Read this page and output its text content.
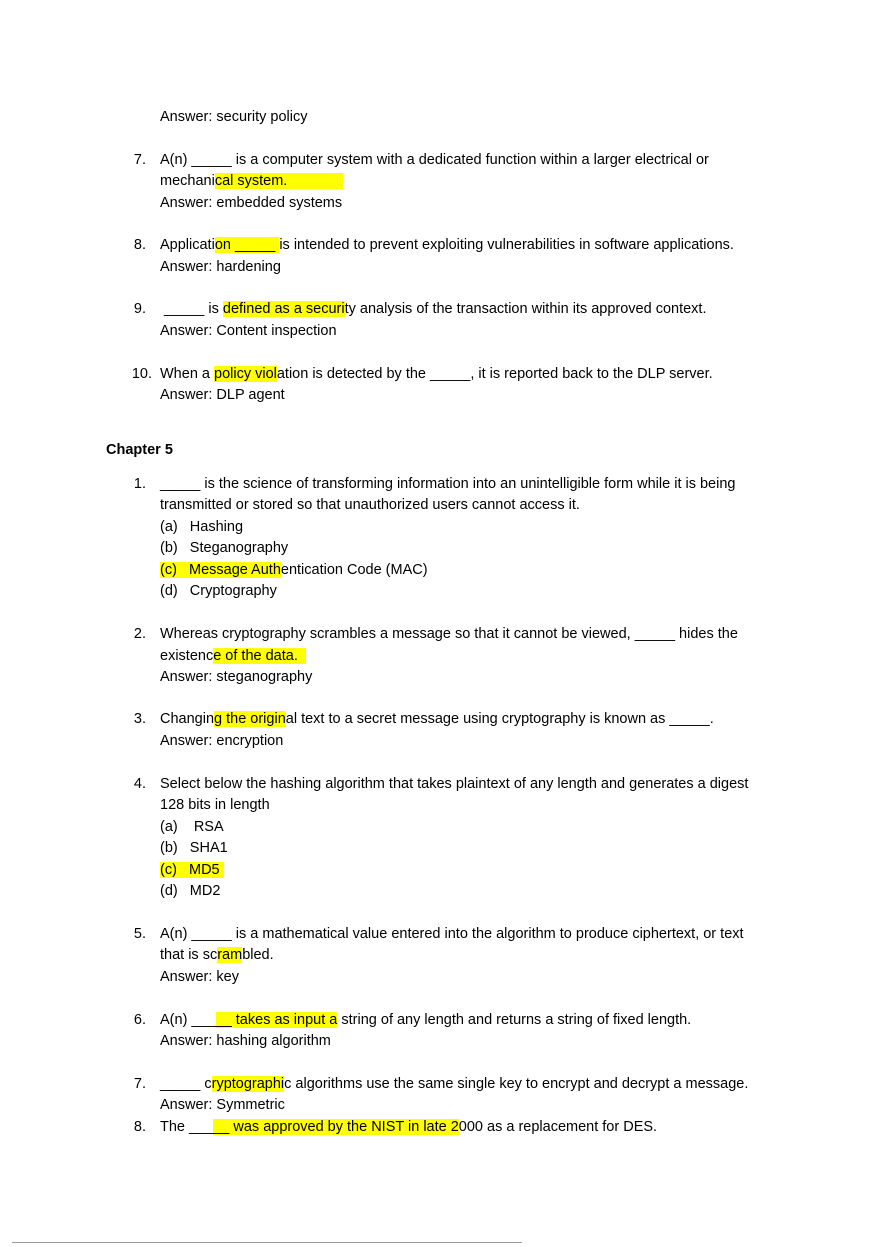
Answer: security policy
7. A(n) _____ is a computer system with a dedicated function within a larger electrical or
mechanical system.
Answer: embedded systems
8. Application _____ is intended to prevent exploiting vulnerabilities in software applications.
Answer: hardening
9. _____ is defined as a security analysis of the transaction within its approved context.
Answer: Content inspection
10. When a policy violation is detected by the _____, it is reported back to the DLP server.
Answer: DLP agent
Chapter 5
1. _____ is the science of transforming information into an unintelligible form while it is being
transmitted or stored so that unauthorized users cannot access it.
(a)   Hashing
(b)   Steganography
(c)   Message Authentication Code (MAC)
(d)   Cryptography
2. Whereas cryptography scrambles a message so that it cannot be viewed, _____ hides the
existence of the data.
Answer: steganography
3. Changing the original text to a secret message using cryptography is known as _____.
Answer: encryption
4. Select below the hashing algorithm that takes plaintext of any length and generates a digest
128 bits in length
(a)    RSA
(b)   SHA1
(c)   MD5
(d)   MD2
5. A(n) _____ is a mathematical value entered into the algorithm to produce ciphertext, or text
that is scrambled.
Answer: key
6. A(n) _____ takes as input a string of any length and returns a string of fixed length.
Answer: hashing algorithm
7. _____ cryptographic algorithms use the same single key to encrypt and decrypt a message.
Answer: Symmetric
8. The _____ was approved by the NIST in late 2000 as a replacement for DES.
